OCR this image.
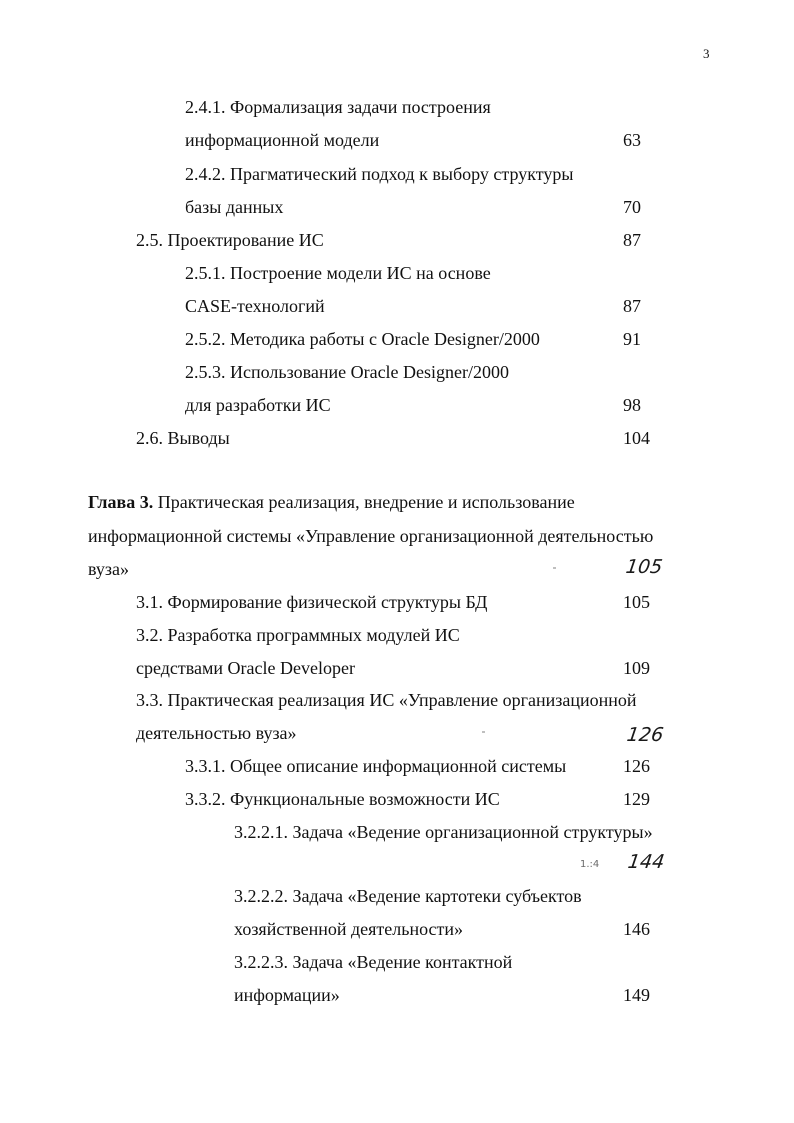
3
2.4.1. Формализация задачи построения
информационной модели	63
2.4.2. Прагматический подход к выбору структуры
базы данных	70
2.5. Проектирование ИС	87
2.5.1. Построение модели ИС на основе
CASE-технологий	87
2.5.2. Методика работы с Oracle Designer/2000	91
2.5.3. Использование Oracle Designer/2000
для разработки ИС	98
2.6. Выводы	104
Глава 3. Практическая реализация, внедрение и использование
информационной системы «Управление организационной деятельностью
вуза»	105
3.1. Формирование физической структуры БД	105
3.2. Разработка программных модулей ИС
средствами Oracle Developer	109
3.3. Практическая реализация ИС «Управление организационной
деятельностью вуза»	126
3.3.1. Общее описание информационной системы	126
3.3.2. Функциональные возможности ИС	129
3.2.2.1. Задача «Ведение организационной структуры»
1.:4 144
3.2.2.2. Задача «Ведение картотеки субъектов
хозяйственной деятельности»	146
3.2.2.3. Задача «Ведение контактной
информации»	149
